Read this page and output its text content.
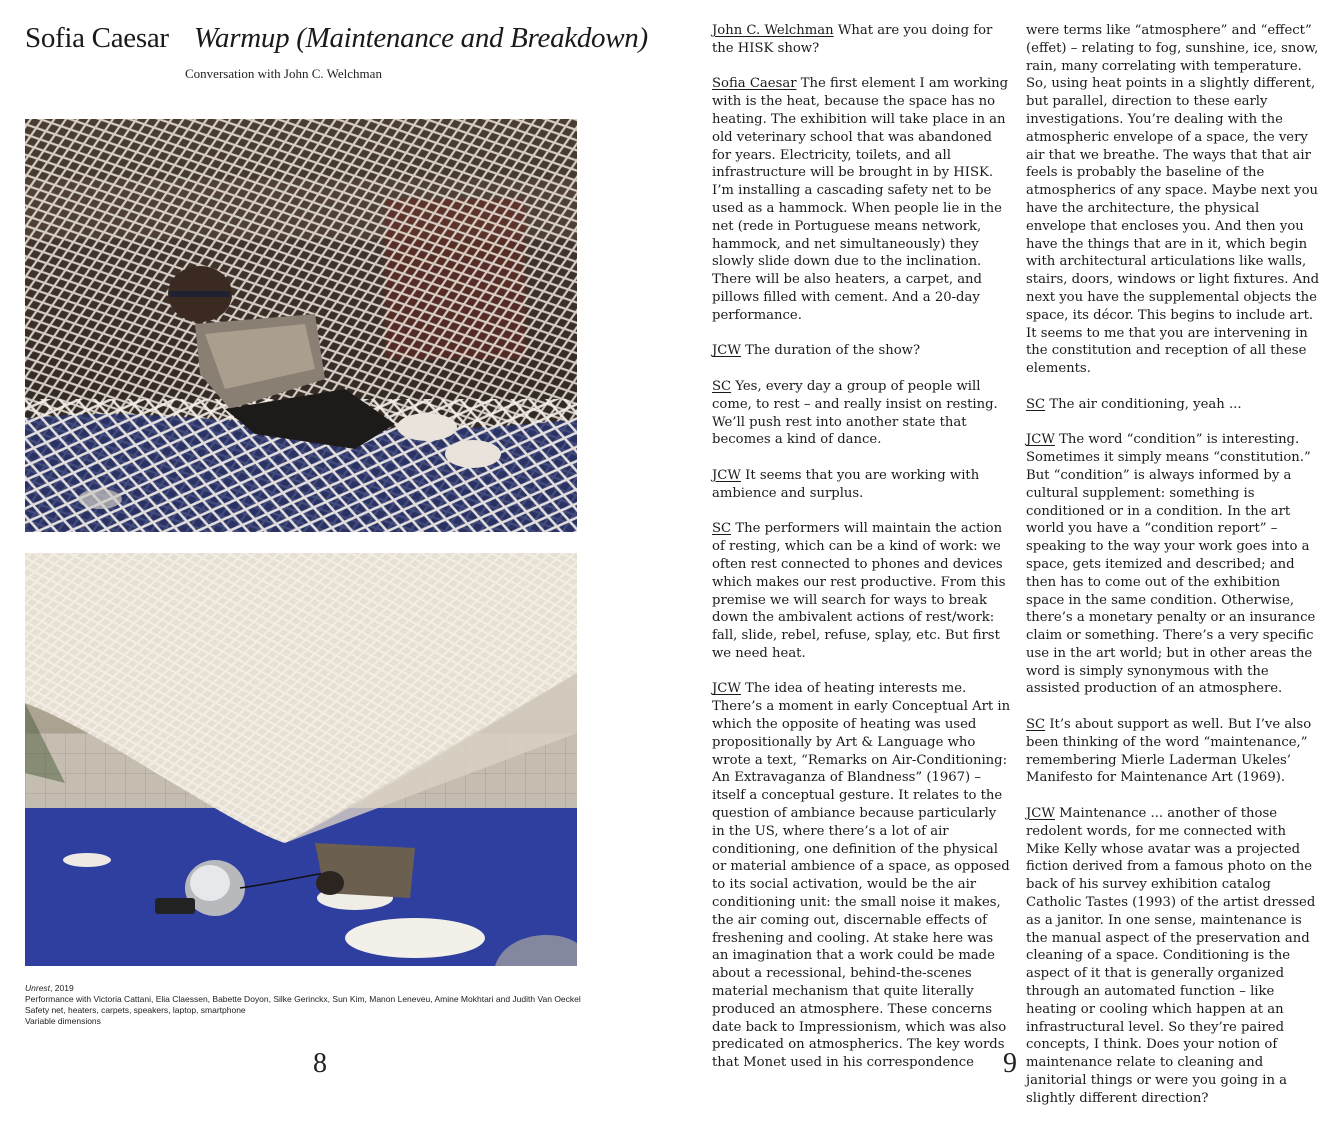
Sofia Caesar Warmup (Maintenance and Breakdown)
Conversation with John C. Welchman
Unrest, 2019
Performance with Victoria Cattani, Elia Claessen, Babette Doyon, Silke Gerinckx, Sun Kim, Manon Leneveu, Amine Mokhtari and Judith Van Oeckel
Safety net, heaters, carpets, speakers, laptop, smartphone
Variable dimensions
8	9

John C. Welchman What are you doing for the HISK show?

Sofia Caesar The first element I am working with is the heat, because the space has no heating. The exhibition will take place in an old veterinary school that was abandoned for years. Electricity, toilets, and all infrastructure will be brought in by HISK. I’m installing a cascading safety net to be used as a hammock. When people lie in the net (rede in Portuguese means network, hammock, and net simultaneously) they slowly slide down due to the inclination. There will be also heaters, a carpet, and pillows filled with cement. And a 20-day performance.

JCW The duration of the show?

SC Yes, every day a group of people will come, to rest – and really insist on resting. We’ll push rest into another state that becomes a kind of dance.

JCW It seems that you are working with ambience and surplus.

SC The performers will maintain the action of resting, which can be a kind of work: we often rest connected to phones and devices which makes our rest productive. From this premise we will search for ways to break down the ambivalent actions of rest/work: fall, slide, rebel, refuse, splay, etc. But first we need heat.

JCW The idea of heating interests me. There’s a moment in early Conceptual Art in which the opposite of heating was used propositionally by Art & Language who wrote a text, “Remarks on Air-Conditioning: An Extravaganza of Blandness” (1967) – itself a conceptual gesture. It relates to the question of ambiance because particularly in the US, where there’s a lot of air conditioning, one definition of the physical or material ambience of a space, as opposed to its social activation, would be the air conditioning unit: the small noise it makes, the air coming out, discernable effects of freshening and cooling. At stake here was an imagination that a work could be made about a recessional, behind-the-scenes material mechanism that quite literally produced an atmosphere. These concerns date back to Impressionism, which was also predicated on atmospherics. The key words that Monet used in his correspondence

were terms like “atmosphere” and “effect” (effet) – relating to fog, sunshine, ice, snow, rain, many correlating with temperature. So, using heat points in a slightly different, but parallel, direction to these early investigations. You’re dealing with the atmospheric envelope of a space, the very air that we breathe. The ways that that air feels is probably the baseline of the atmospherics of any space. Maybe next you have the architecture, the physical envelope that encloses you. And then you have the things that are in it, which begin with architectural articulations like walls, stairs, doors, windows or light fixtures. And next you have the supplemental objects the space, its décor. This begins to include art. It seems to me that you are intervening in the constitution and reception of all these elements.

SC The air conditioning, yeah ...

JCW The word “condition” is interesting. Sometimes it simply means “constitution.” But “condition” is always informed by a cultural supplement: something is conditioned or in a condition. In the art world you have a “condition report” – speaking to the way your work goes into a space, gets itemized and described; and then has to come out of the exhibition space in the same condition. Otherwise, there’s a monetary penalty or an insurance claim or something. There’s a very specific use in the art world; but in other areas the word is simply synonymous with the assisted production of an atmosphere.

SC It’s about support as well. But I’ve also been thinking of the word “maintenance,” remembering Mierle Laderman Ukeles’ Manifesto for Maintenance Art (1969).

JCW Maintenance ... another of those redolent words, for me connected with Mike Kelly whose avatar was a projected fiction derived from a famous photo on the back of his survey exhibition catalog Catholic Tastes (1993) of the artist dressed as a janitor. In one sense, maintenance is the manual aspect of the preservation and cleaning of a space. Conditioning is the aspect of it that is generally organized through an automated function – like heating or cooling which happen at an infrastructural level. So they’re paired concepts, I think. Does your notion of maintenance relate to cleaning and janitorial things or were you going in a slightly different direction?
